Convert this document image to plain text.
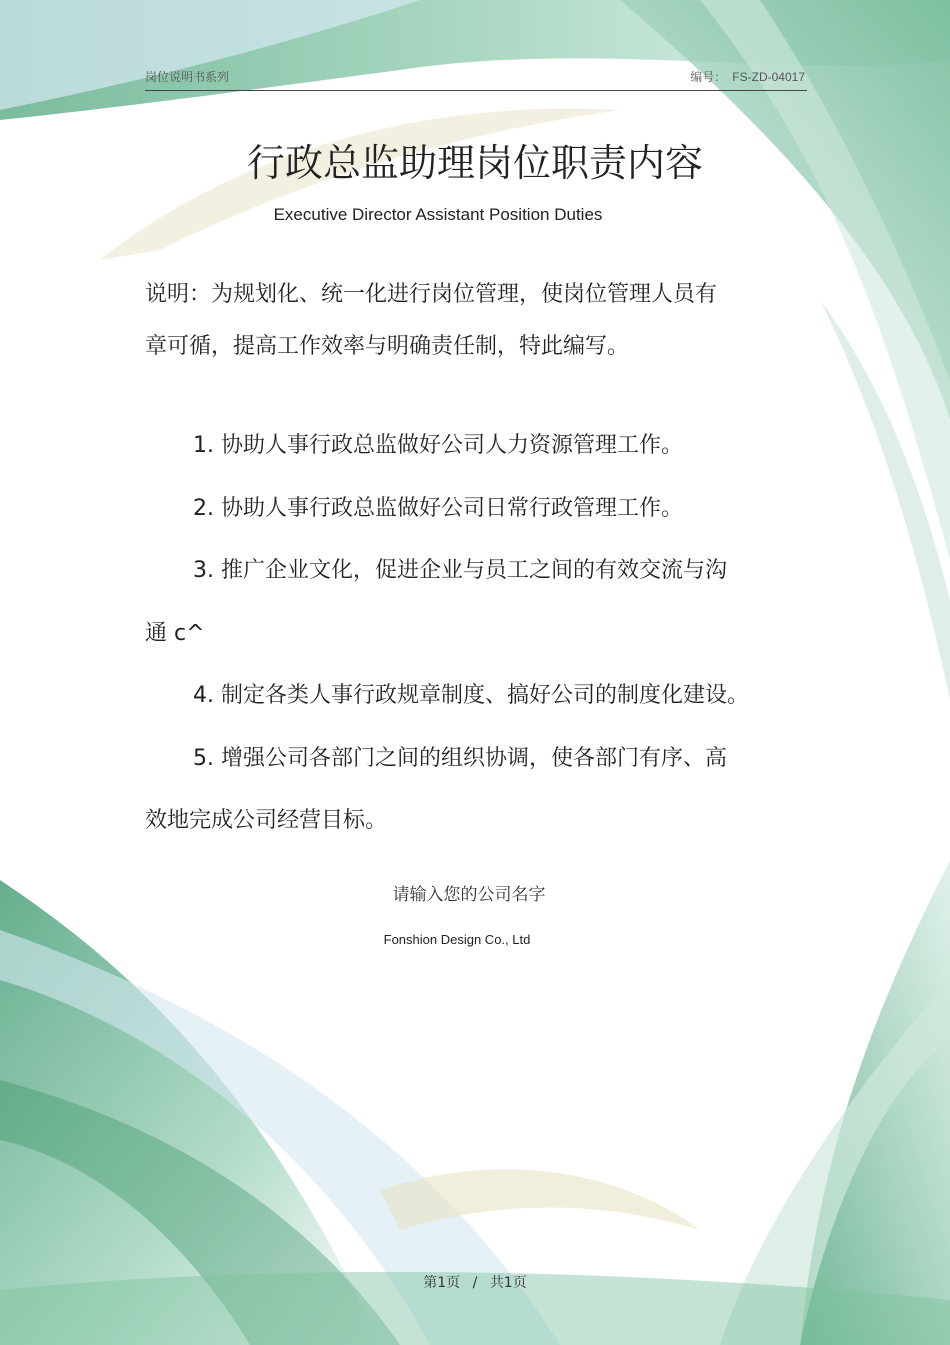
岗位说明书系列	编号： FS-ZD-04017
行政总监助理岗位职责内容
Executive Director Assistant Position Duties
说明：为规划化、统一化进行岗位管理，使岗位管理人员有
章可循，提高工作效率与明确责任制，特此编写。
1. 协助人事行政总监做好公司人力资源管理工作。
2. 协助人事行政总监做好公司日常行政管理工作。
3. 推广企业文化，促进企业与员工之间的有效交流与沟
通 c^
4. 制定各类人事行政规章制度、搞好公司的制度化建设。
5. 增强公司各部门之间的组织协调，使各部门有序、高
效地完成公司经营目标。
请输入您的公司名字
Fonshion Design Co., Ltd
第1页 / 共1页
